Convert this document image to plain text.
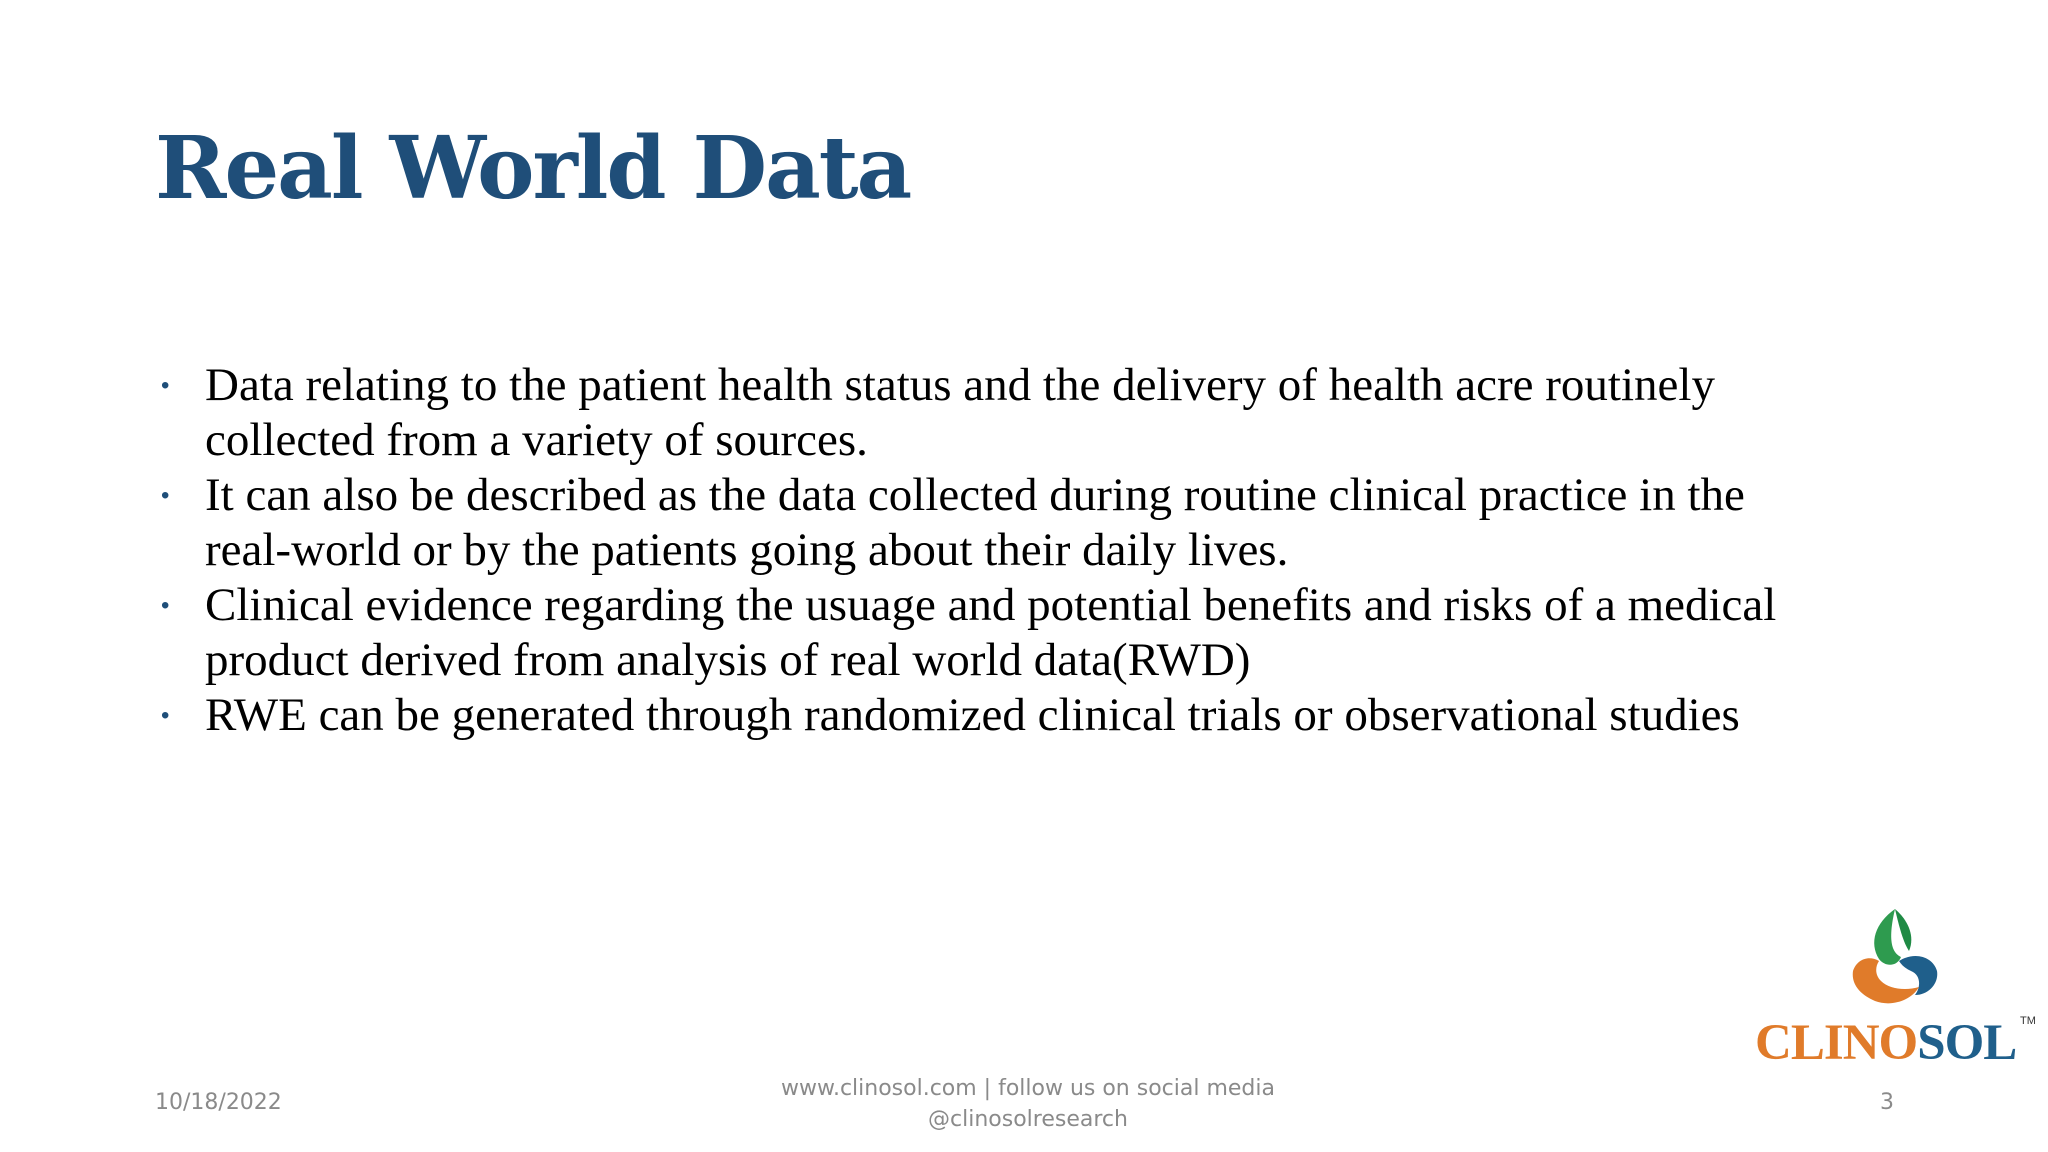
Real World Data
• Data relating to the patient health status and the delivery of health acre routinely collected from a variety of sources.
• It can also be described as the data collected during routine clinical practice in the real-world or by the patients going about their daily lives.
• Clinical evidence regarding the usuage and potential benefits and risks of a medical product derived from analysis of real world data(RWD)
• RWE can be generated through randomized clinical trials or observational studies
CLINOSOL TM
10/18/2022
www.clinosol.com | follow us on social media
@clinosolresearch
3
